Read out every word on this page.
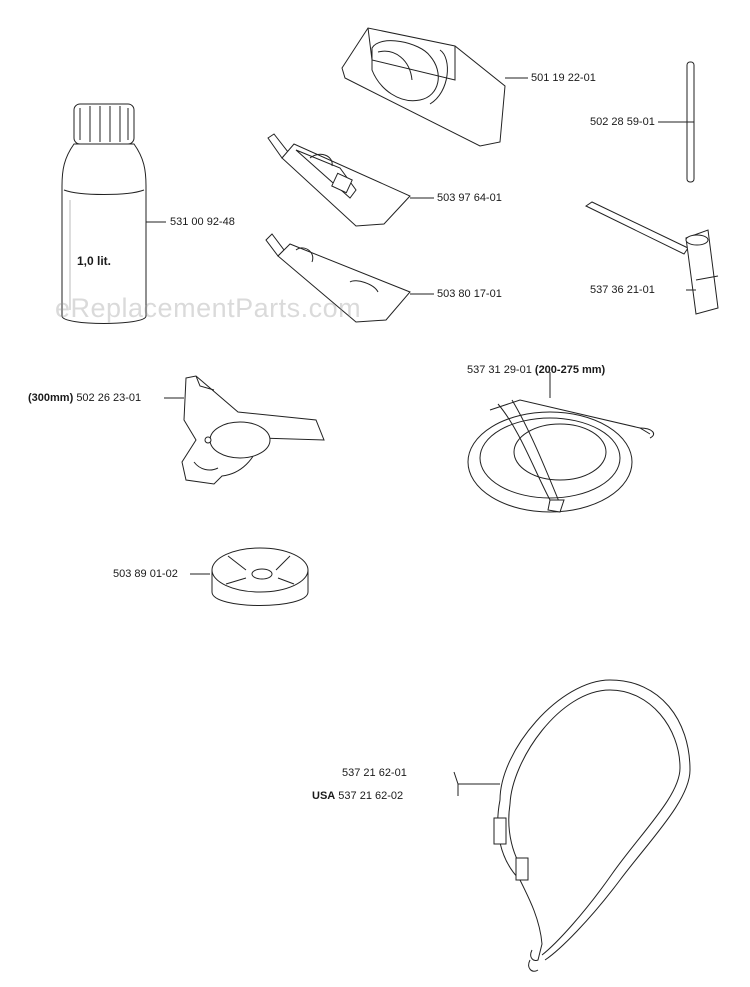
eReplacementParts.com
1,0 lit.
501 19 22-01
502 28 59-01
531 00 92-48
503 97 64-01
503 80 17-01	537 36 21-01
(300mm) 502 26 23-01
537 31 29-01 (200-275 mm)
503 89 01-02
537 21 62-01
USA 537 21 62-02
